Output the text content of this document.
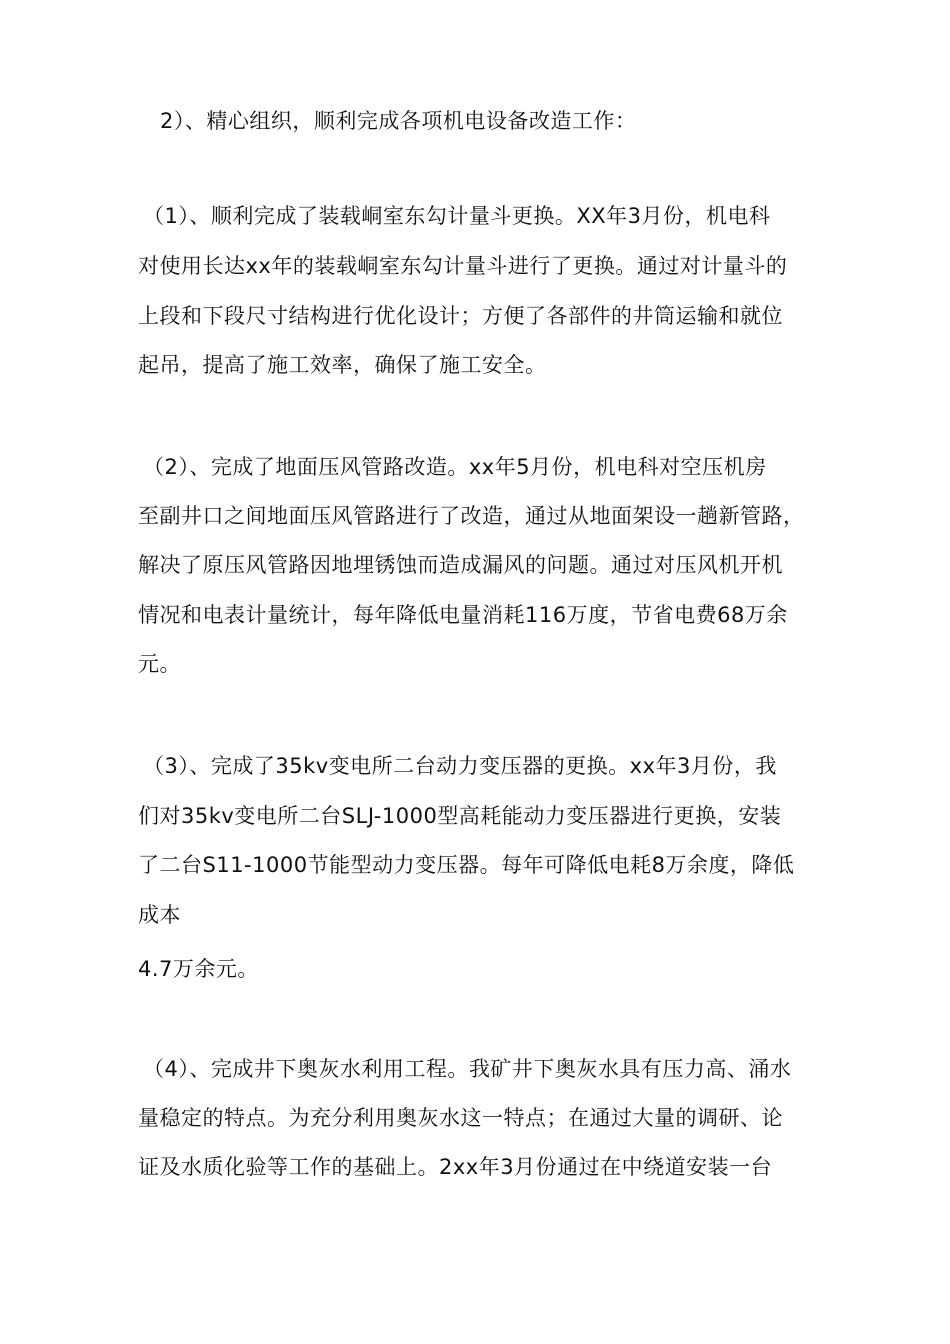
2）、精心组织，顺利完成各项机电设备改造工作：
（1）、顺利完成了装载峒室东勾计量斗更换。XX年3月份，机电科
对使用长达xx年的装载峒室东勾计量斗进行了更换。通过对计量斗的
上段和下段尺寸结构进行优化设计；方便了各部件的井筒运输和就位
起吊，提高了施工效率，确保了施工安全。
（2）、完成了地面压风管路改造。xx年5月份，机电科对空压机房
至副井口之间地面压风管路进行了改造，通过从地面架设一趟新管路，
解决了原压风管路因地埋锈蚀而造成漏风的问题。通过对压风机开机
情况和电表计量统计，每年降低电量消耗116万度，节省电费68万余
元。
（3）、完成了35kv变电所二台动力变压器的更换。xx年3月份，我
们对35kv变电所二台SLJ-1000型高耗能动力变压器进行更换，安装
了二台S11-1000节能型动力变压器。每年可降低电耗8万余度，降低
成本
4.7万余元。
（4）、完成井下奥灰水利用工程。我矿井下奥灰水具有压力高、涌水
量稳定的特点。为充分利用奥灰水这一特点；在通过大量的调研、论
证及水质化验等工作的基础上。2xx年3月份通过在中绕道安装一台
